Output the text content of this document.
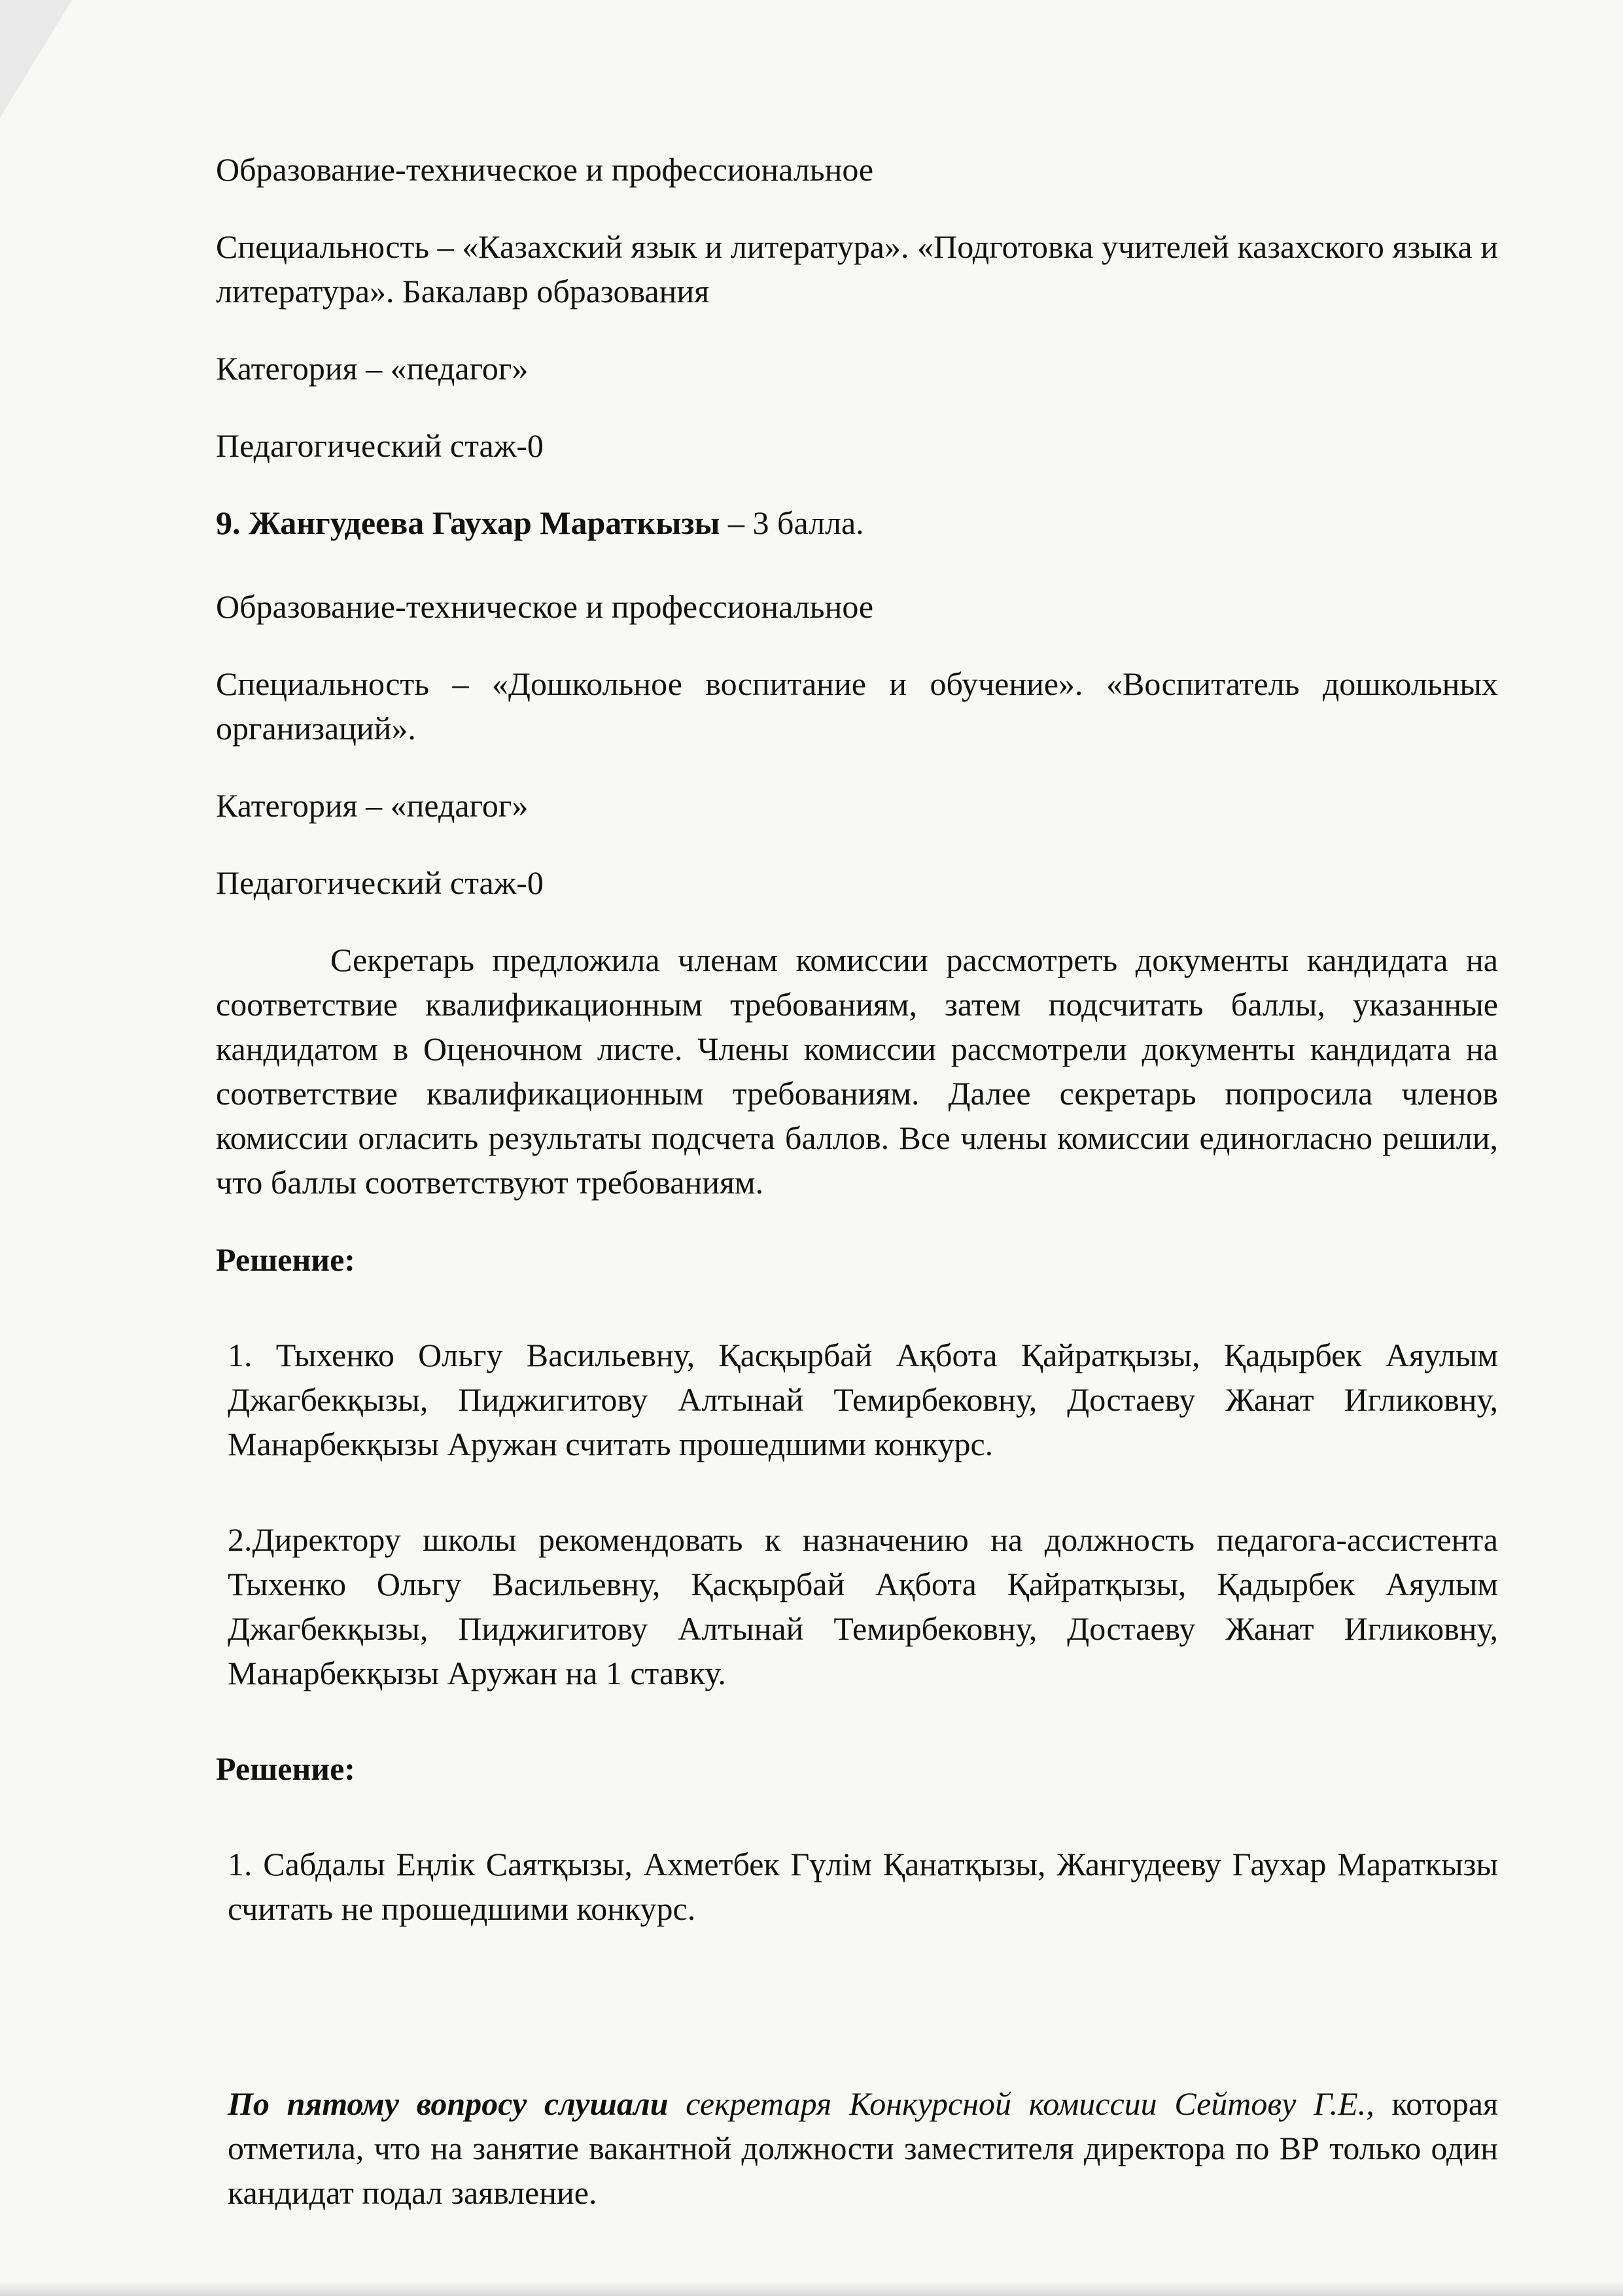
Образование-техническое и профессиональное

Специальность – «Казахский язык и литература». «Подготовка учителей казахского языка и литература». Бакалавр образования

Категория – «педагог»

Педагогический стаж-0

9. Жангудеева Гаухар Мараткызы – 3 балла.

Образование-техническое и профессиональное

Специальность – «Дошкольное воспитание и обучение». «Воспитатель дошкольных организаций».

Категория – «педагог»

Педагогический стаж-0

Секретарь предложила членам комиссии рассмотреть документы кандидата на соответствие квалификационным требованиям, затем подсчитать баллы, указанные кандидатом в Оценочном листе. Члены комиссии рассмотрели документы кандидата на соответствие квалификационным требованиям. Далее секретарь попросила членов комиссии огласить результаты подсчета баллов. Все члены комиссии единогласно решили, что баллы соответствуют требованиям.

Решение:

1. Тыхенко Ольгу Васильевну, Қасқырбай Ақбота Қайратқызы, Қадырбек Аяулым Джагбекқызы, Пиджигитову Алтынай Темирбековну, Достаеву Жанат Игликовну, Манарбекқызы Аружан считать прошедшими конкурс.

2.Директору школы рекомендовать к назначению на должность педагога-ассистента Тыхенко Ольгу Васильевну, Қасқырбай Ақбота Қайратқызы, Қадырбек Аяулым Джагбекқызы, Пиджигитову Алтынай Темирбековну, Достаеву Жанат Игликовну, Манарбекқызы Аружан на 1 ставку.

Решение:

1. Сабдалы Еңлік Саятқызы, Ахметбек Гүлім Қанатқызы, Жангудееву Гаухар Мараткызы считать не прошедшими конкурс.

По пятому вопросу слушали секретаря Конкурсной комиссии Сейтову Г.Е., которая отметила, что на занятие вакантной должности заместителя директора по ВР только один кандидат подал заявление.
